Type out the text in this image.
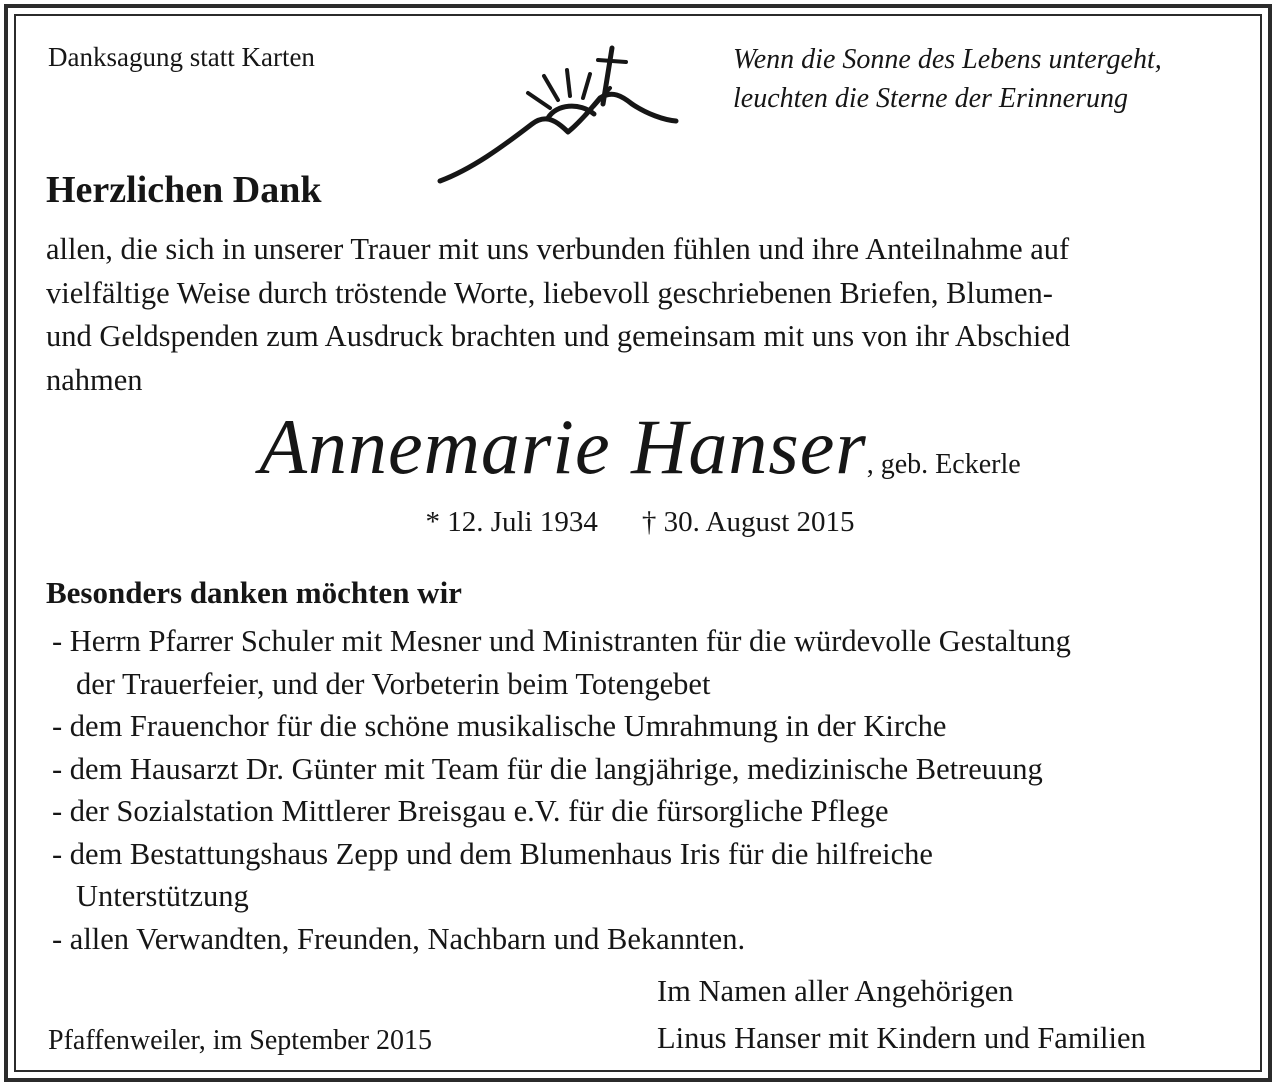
Danksagung statt Karten	Wenn die Sonne des Lebens untergeht,
leuchten die Sterne der Erinnerung
Herzlichen Dank
allen, die sich in unserer Trauer mit uns verbunden fühlen und ihre Anteilnahme auf
vielfältige Weise durch tröstende Worte, liebevoll geschriebenen Briefen, Blumen-
und Geldspenden zum Ausdruck brachten und gemeinsam mit uns von ihr Abschied
nahmen
Annemarie Hanser, geb. Eckerle
* 12. Juli 1934 † 30. August 2015
Besonders danken möchten wir
- Herrn Pfarrer Schuler mit Mesner und Ministranten für die würdevolle Gestaltung
der Trauerfeier, und der Vorbeterin beim Totengebet
- dem Frauenchor für die schöne musikalische Umrahmung in der Kirche
- dem Hausarzt Dr. Günter mit Team für die langjährige, medizinische Betreuung
- der Sozialstation Mittlerer Breisgau e.V. für die fürsorgliche Pflege
- dem Bestattungshaus Zepp und dem Blumenhaus Iris für die hilfreiche
Unterstützung
- allen Verwandten, Freunden, Nachbarn und Bekannten.
Im Namen aller Angehörigen
Pfaffenweiler, im September 2015	Linus Hanser mit Kindern und Familien
